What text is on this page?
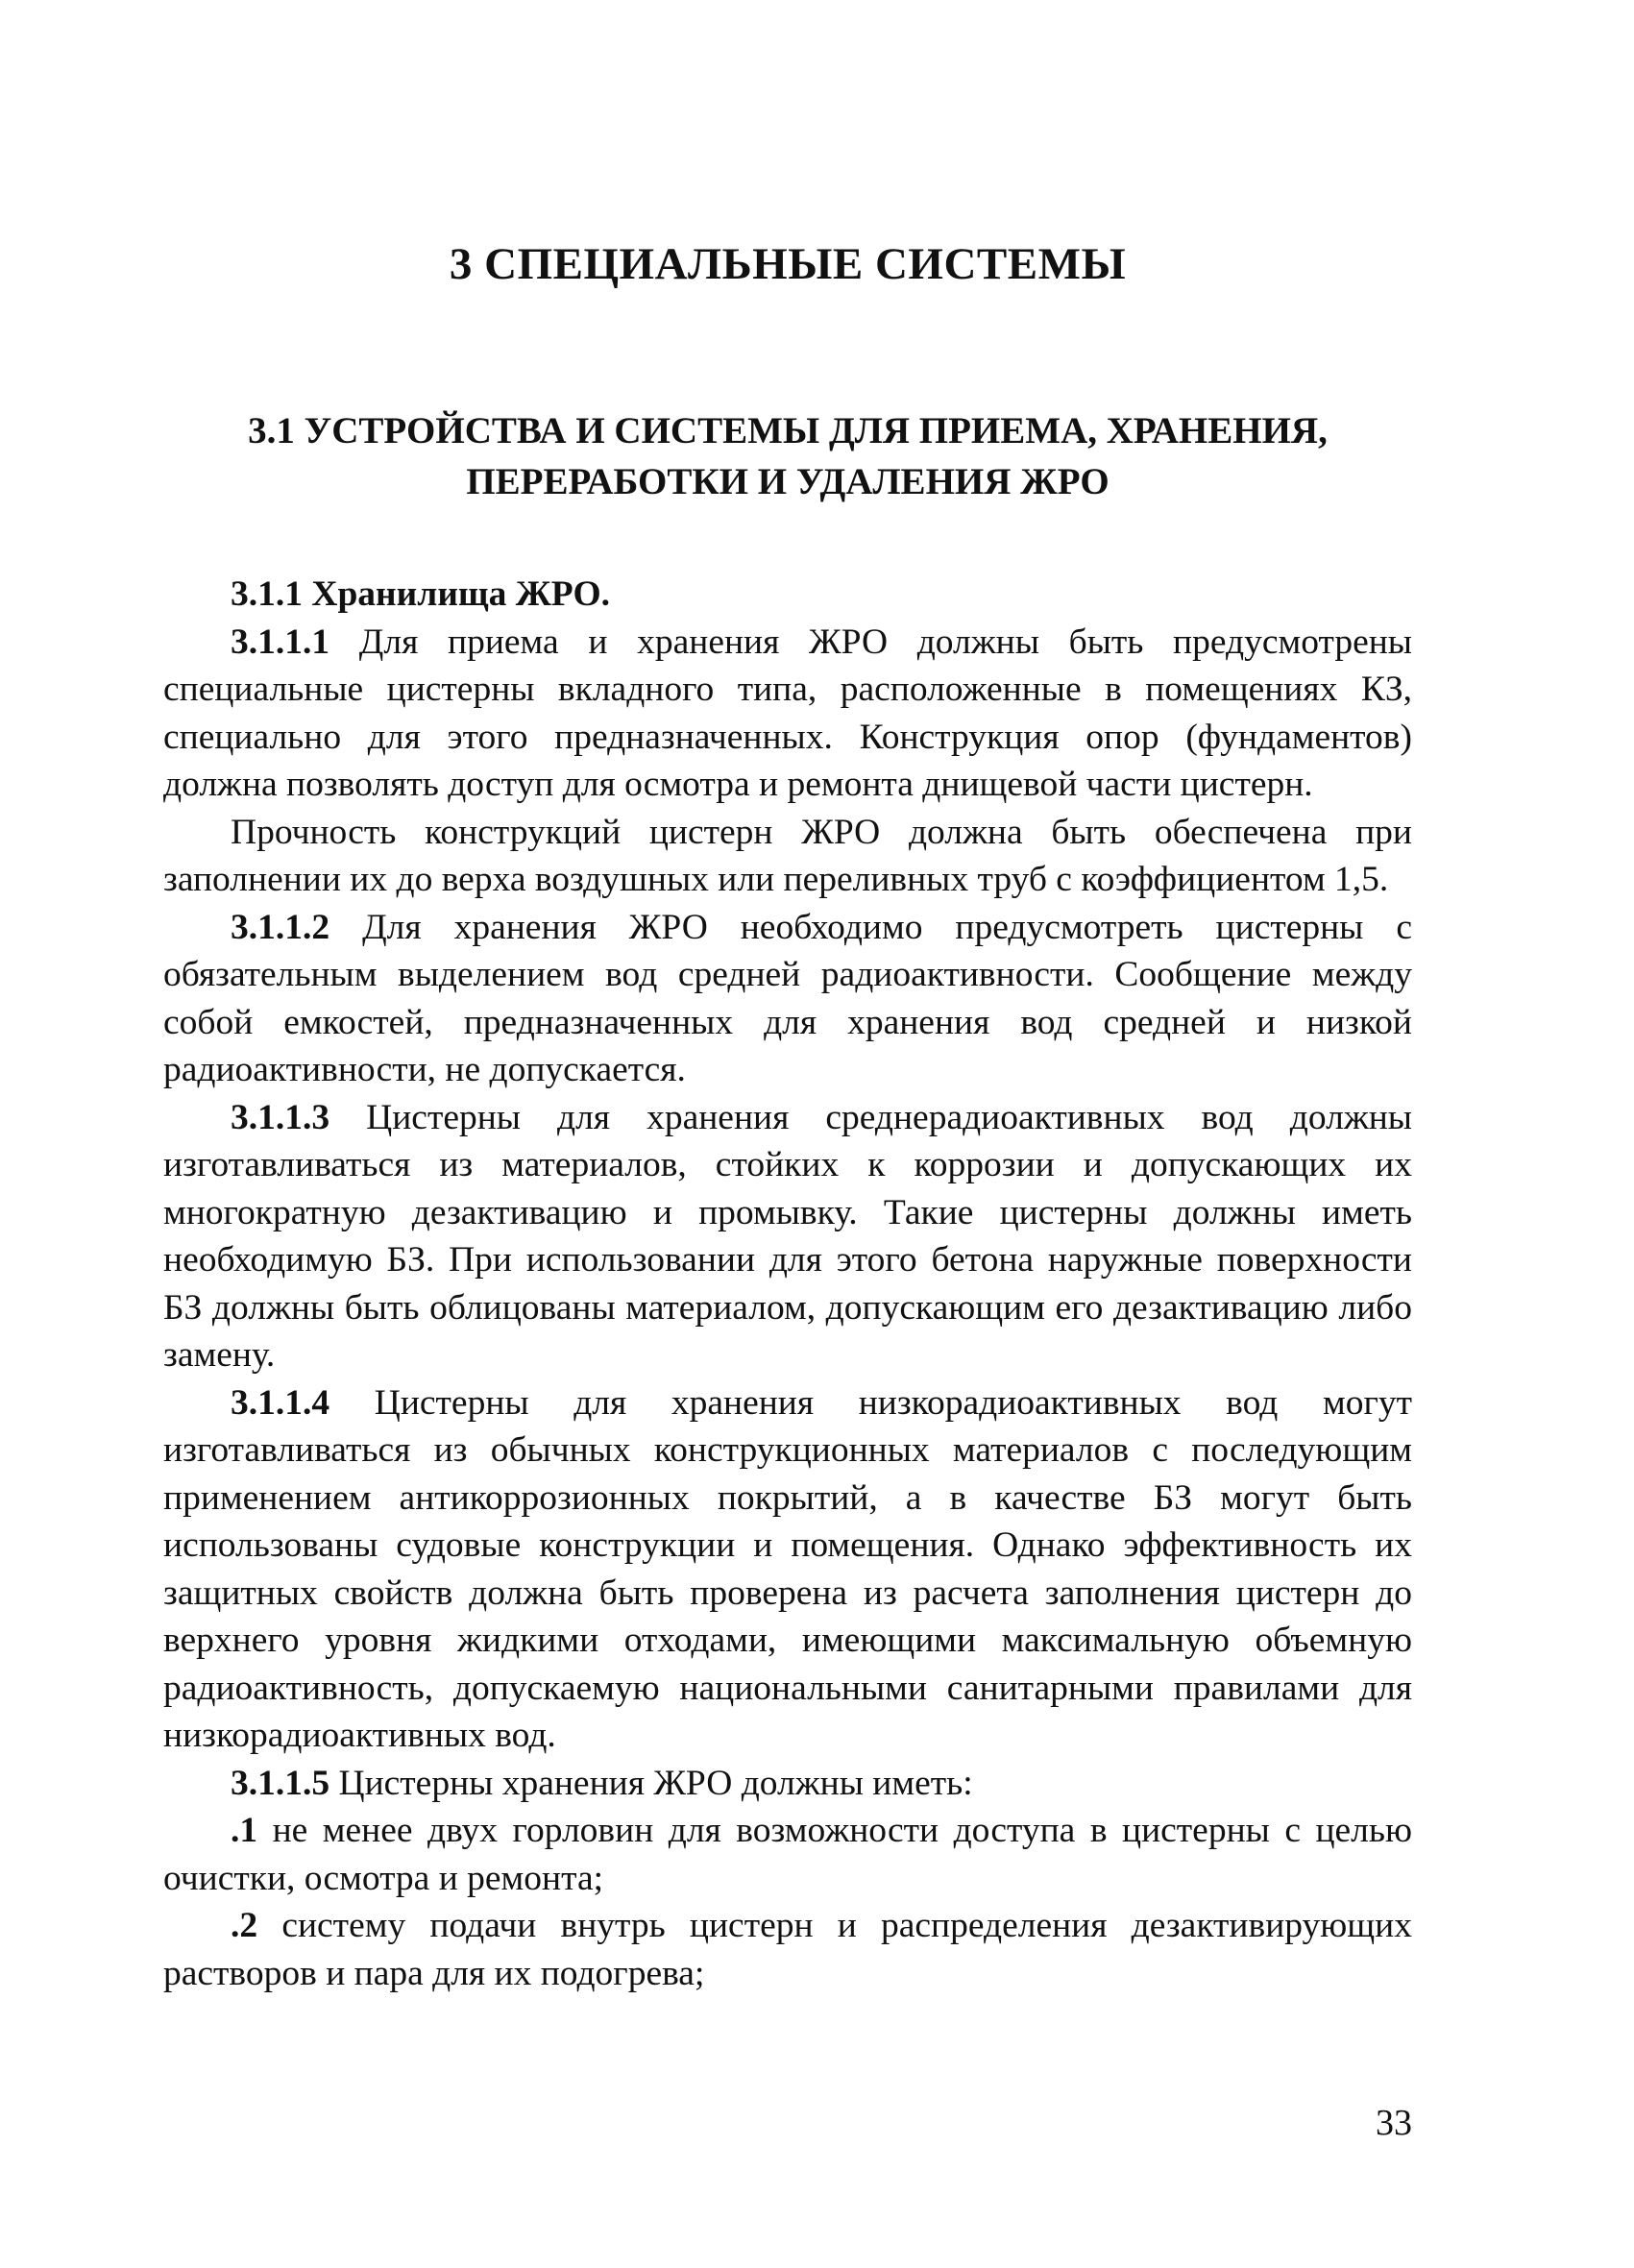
3 СПЕЦИАЛЬНЫЕ СИСТЕМЫ
3.1 УСТРОЙСТВА И СИСТЕМЫ ДЛЯ ПРИЕМА, ХРАНЕНИЯ,
ПЕРЕРАБОТКИ И УДАЛЕНИЯ ЖРО

3.1.1 Хранилища ЖРО.

3.1.1.1 Для приема и хранения ЖРО должны быть предусмотрены специальные цистерны вкладного типа, расположенные в помещениях КЗ, специально для этого предназначенных. Конструкция опор (фундаментов) должна позволять доступ для осмотра и ремонта днищевой части цистерн.

Прочность конструкций цистерн ЖРО должна быть обеспечена при заполнении их до верха воздушных или переливных труб с коэффициентом 1,5.

3.1.1.2 Для хранения ЖРО необходимо предусмотреть цистерны с обязательным выделением вод средней радиоактивности. Сообщение между собой емкостей, предназначенных для хранения вод средней и низкой радиоактивности, не допускается.

3.1.1.3 Цистерны для хранения среднерадиоактивных вод должны изготавливаться из материалов, стойких к коррозии и допускающих их многократную дезактивацию и промывку. Такие цистерны должны иметь необходимую БЗ. При использовании для этого бетона наружные поверхности БЗ должны быть облицованы материалом, допускающим его дезактивацию либо замену.

3.1.1.4 Цистерны для хранения низкорадиоактивных вод могут изготавливаться из обычных конструкционных материалов с последующим применением антикоррозионных покрытий, а в качестве БЗ могут быть использованы судовые конструкции и помещения. Однако эффективность их защитных свойств должна быть проверена из расчета заполнения цистерн до верхнего уровня жидкими отходами, имеющими максимальную объемную радиоактивность, допускаемую национальными санитарными правилами для низкорадиоактивных вод.

3.1.1.5 Цистерны хранения ЖРО должны иметь:

.1 не менее двух горловин для возможности доступа в цистерны с целью очистки, осмотра и ремонта;

.2 систему подачи внутрь цистерн и распределения дезактивирующих растворов и пара для их подогрева;

33
